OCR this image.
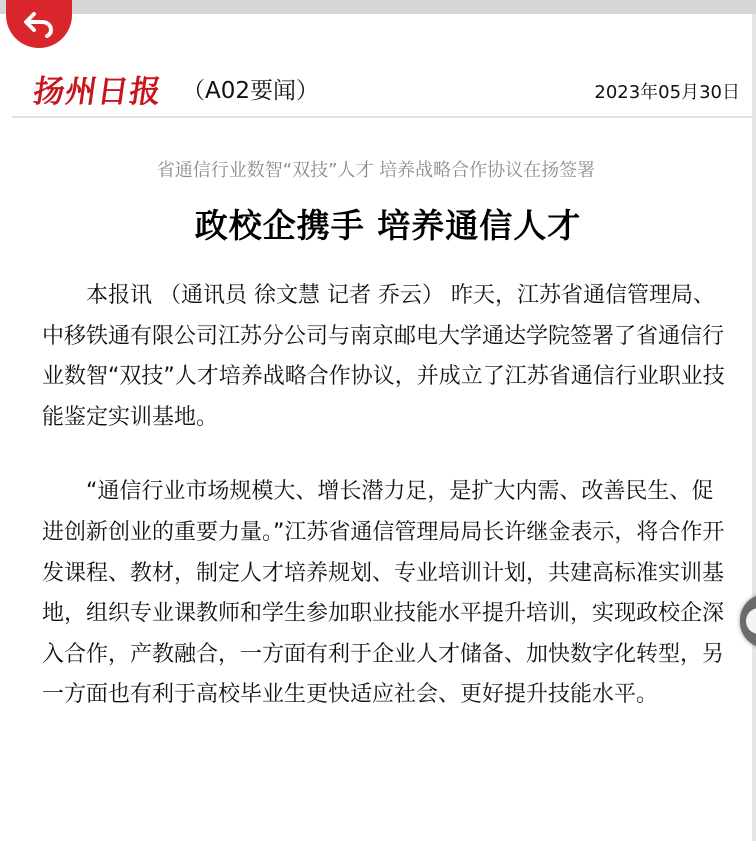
扬州日报 （A02要闻）	2023年05月30日
省通信行业数智“双技”人才 培养战略合作协议在扬签署
政校企携手 培养通信人才

本报讯 （通讯员 徐文慧 记者 乔云） 昨天，江苏省通信管理局、中移铁通有限公司江苏分公司与南京邮电大学通达学院签署了省通信行业数智“双技”人才培养战略合作协议，并成立了江苏省通信行业职业技能鉴定实训基地。

“通信行业市场规模大、增长潜力足，是扩大内需、改善民生、促进创新创业的重要力量。”江苏省通信管理局局长许继金表示，将合作开发课程、教材，制定人才培养规划、专业培训计划，共建高标准实训基地，组织专业课教师和学生参加职业技能水平提升培训，实现政校企深入合作，产教融合，一方面有利于企业人才储备、加快数字化转型，另一方面也有利于高校毕业生更快适应社会、更好提升技能水平。
